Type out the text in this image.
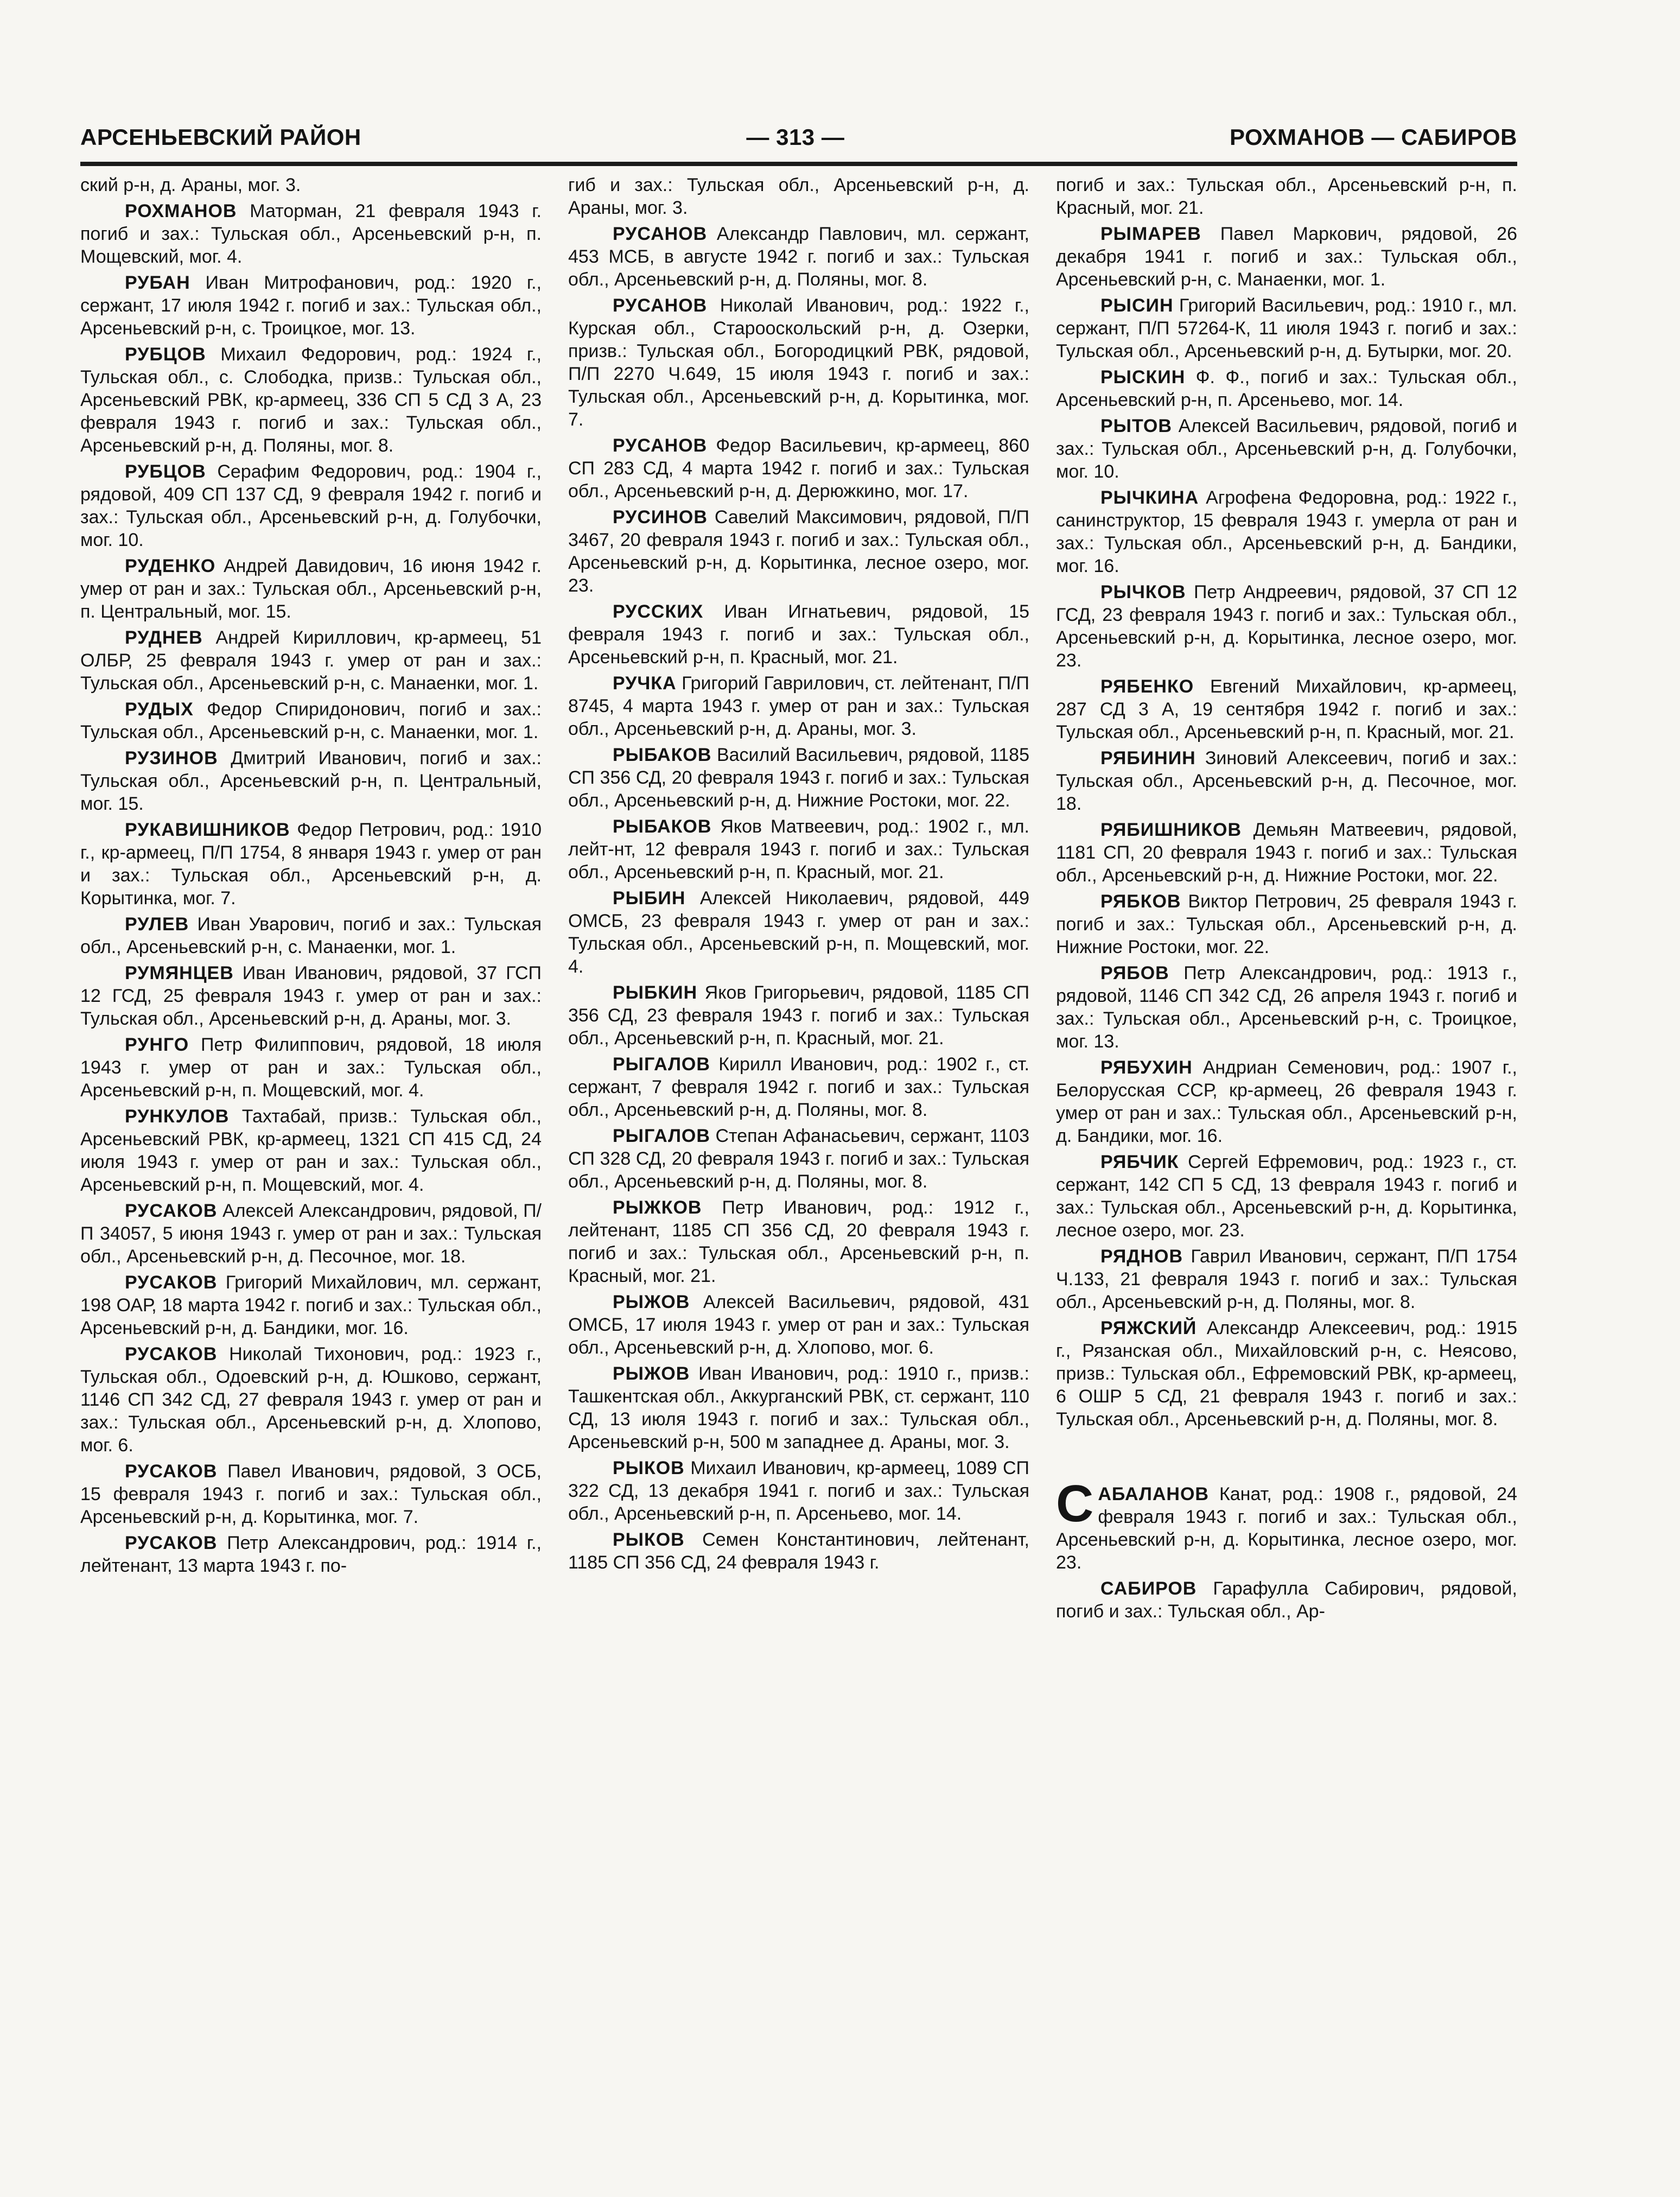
АРСЕНЬЕВСКИЙ РАЙОН	— 313 —	РОХМАНОВ — САБИРОВ

ский р-н, д. Араны, мог. 3.

РОХМАНОВ Маторман, 21 февраля 1943 г. погиб и зах.: Тульская обл., Арсеньевский р-н, п. Мощевский, мог. 4.

РУБАН Иван Митрофанович, род.: 1920 г., сержант, 17 июля 1942 г. погиб и зах.: Тульская обл., Арсеньевский р-н, с. Троицкое, мог. 13.

РУБЦОВ Михаил Федорович, род.: 1924 г., Тульская обл., с. Слободка, призв.: Тульская обл., Арсеньевский РВК, кр-армеец, 336 СП 5 СД 3 А, 23 февраля 1943 г. погиб и зах.: Тульская обл., Арсеньевский р-н, д. Поляны, мог. 8.

РУБЦОВ Серафим Федорович, род.: 1904 г., рядовой, 409 СП 137 СД, 9 февраля 1942 г. погиб и зах.: Тульская обл., Арсеньевский р-н, д. Голубочки, мог. 10.

РУДЕНКО Андрей Давидович, 16 июня 1942 г. умер от ран и зах.: Тульская обл., Арсеньевский р-н, п. Центральный, мог. 15.

РУДНЕВ Андрей Кириллович, кр-армеец, 51 ОЛБР, 25 февраля 1943 г. умер от ран и зах.: Тульская обл., Арсеньевский р-н, с. Манаенки, мог. 1.

РУДЫХ Федор Спиридонович, погиб и зах.: Тульская обл., Арсеньевский р-н, с. Манаенки, мог. 1.

РУЗИНОВ Дмитрий Иванович, погиб и зах.: Тульская обл., Арсеньевский р-н, п. Центральный, мог. 15.

РУКАВИШНИКОВ Федор Петрович, род.: 1910 г., кр-армеец, П/П 1754, 8 января 1943 г. умер от ран и зах.: Тульская обл., Арсеньевский р-н, д. Корытинка, мог. 7.

РУЛЕВ Иван Уварович, погиб и зах.: Тульская обл., Арсеньевский р-н, с. Манаенки, мог. 1.

РУМЯНЦЕВ Иван Иванович, рядовой, 37 ГСП 12 ГСД, 25 февраля 1943 г. умер от ран и зах.: Тульская обл., Арсеньевский р-н, д. Араны, мог. 3.

РУНГО Петр Филиппович, рядовой, 18 июля 1943 г. умер от ран и зах.: Тульская обл., Арсеньевский р-н, п. Мощевский, мог. 4.

РУНКУЛОВ Тахтабай, призв.: Тульская обл., Арсеньевский РВК, кр-армеец, 1321 СП 415 СД, 24 июля 1943 г. умер от ран и зах.: Тульская обл., Арсеньевский р-н, п. Мощевский, мог. 4.

РУСАКОВ Алексей Александрович, рядовой, П/П 34057, 5 июня 1943 г. умер от ран и зах.: Тульская обл., Арсеньевский р-н, д. Песочное, мог. 18.

РУСАКОВ Григорий Михайлович, мл. сержант, 198 ОАР, 18 марта 1942 г. погиб и зах.: Тульская обл., Арсеньевский р-н, д. Бандики, мог. 16.

РУСАКОВ Николай Тихонович, род.: 1923 г., Тульская обл., Одоевский р-н, д. Юшково, сержант, 1146 СП 342 СД, 27 февраля 1943 г. умер от ран и зах.: Тульская обл., Арсеньевский р-н, д. Хлопово, мог. 6.

РУСАКОВ Павел Иванович, рядовой, 3 ОСБ, 15 февраля 1943 г. погиб и зах.: Тульская обл., Арсеньевский р-н, д. Корытинка, мог. 7.

РУСАКОВ Петр Александрович, род.: 1914 г., лейтенант, 13 марта 1943 г. по-

гиб и зах.: Тульская обл., Арсеньевский р-н, д. Араны, мог. 3.

РУСАНОВ Александр Павлович, мл. сержант, 453 МСБ, в августе 1942 г. погиб и зах.: Тульская обл., Арсеньевский р-н, д. Поляны, мог. 8.

РУСАНОВ Николай Иванович, род.: 1922 г., Курская обл., Старооскольский р-н, д. Озерки, призв.: Тульская обл., Богородицкий РВК, рядовой, П/П 2270 Ч.649, 15 июля 1943 г. погиб и зах.: Тульская обл., Арсеньевский р-н, д. Корытинка, мог. 7.

РУСАНОВ Федор Васильевич, кр-армеец, 860 СП 283 СД, 4 марта 1942 г. погиб и зах.: Тульская обл., Арсеньевский р-н, д. Дерюжкино, мог. 17.

РУСИНОВ Савелий Максимович, рядовой, П/П 3467, 20 февраля 1943 г. погиб и зах.: Тульская обл., Арсеньевский р-н, д. Корытинка, лесное озеро, мог. 23.

РУССКИХ Иван Игнатьевич, рядовой, 15 февраля 1943 г. погиб и зах.: Тульская обл., Арсеньевский р-н, п. Красный, мог. 21.

РУЧКА Григорий Гаврилович, ст. лейтенант, П/П 8745, 4 марта 1943 г. умер от ран и зах.: Тульская обл., Арсеньевский р-н, д. Араны, мог. 3.

РЫБАКОВ Василий Васильевич, рядовой, 1185 СП 356 СД, 20 февраля 1943 г. погиб и зах.: Тульская обл., Арсеньевский р-н, д. Нижние Ростоки, мог. 22.

РЫБАКОВ Яков Матвеевич, род.: 1902 г., мл. лейт-нт, 12 февраля 1943 г. погиб и зах.: Тульская обл., Арсеньевский р-н, п. Красный, мог. 21.

РЫБИН Алексей Николаевич, рядовой, 449 ОМСБ, 23 февраля 1943 г. умер от ран и зах.: Тульская обл., Арсеньевский р-н, п. Мощевский, мог. 4.

РЫБКИН Яков Григорьевич, рядовой, 1185 СП 356 СД, 23 февраля 1943 г. погиб и зах.: Тульская обл., Арсеньевский р-н, п. Красный, мог. 21.

РЫГАЛОВ Кирилл Иванович, род.: 1902 г., ст. сержант, 7 февраля 1942 г. погиб и зах.: Тульская обл., Арсеньевский р-н, д. Поляны, мог. 8.

РЫГАЛОВ Степан Афанасьевич, сержант, 1103 СП 328 СД, 20 февраля 1943 г. погиб и зах.: Тульская обл., Арсеньевский р-н, д. Поляны, мог. 8.

РЫЖКОВ Петр Иванович, род.: 1912 г., лейтенант, 1185 СП 356 СД, 20 февраля 1943 г. погиб и зах.: Тульская обл., Арсеньевский р-н, п. Красный, мог. 21.

РЫЖОВ Алексей Васильевич, рядовой, 431 ОМСБ, 17 июля 1943 г. умер от ран и зах.: Тульская обл., Арсеньевский р-н, д. Хлопово, мог. 6.

РЫЖОВ Иван Иванович, род.: 1910 г., призв.: Ташкентская обл., Аккурганский РВК, ст. сержант, 110 СД, 13 июля 1943 г. погиб и зах.: Тульская обл., Арсеньевский р-н, 500 м западнее д. Араны, мог. 3.

РЫКОВ Михаил Иванович, кр-армеец, 1089 СП 322 СД, 13 декабря 1941 г. погиб и зах.: Тульская обл., Арсеньевский р-н, п. Арсеньево, мог. 14.

РЫКОВ Семен Константинович, лейтенант, 1185 СП 356 СД, 24 февраля 1943 г.

погиб и зах.: Тульская обл., Арсеньевский р-н, п. Красный, мог. 21.

РЫМАРЕВ Павел Маркович, рядовой, 26 декабря 1941 г. погиб и зах.: Тульская обл., Арсеньевский р-н, с. Манаенки, мог. 1.

РЫСИН Григорий Васильевич, род.: 1910 г., мл. сержант, П/П 57264-К, 11 июля 1943 г. погиб и зах.: Тульская обл., Арсеньевский р-н, д. Бутырки, мог. 20.

РЫСКИН Ф. Ф., погиб и зах.: Тульская обл., Арсеньевский р-н, п. Арсеньево, мог. 14.

РЫТОВ Алексей Васильевич, рядовой, погиб и зах.: Тульская обл., Арсеньевский р-н, д. Голубочки, мог. 10.

РЫЧКИНА Агрофена Федоровна, род.: 1922 г., санинструктор, 15 февраля 1943 г. умерла от ран и зах.: Тульская обл., Арсеньевский р-н, д. Бандики, мог. 16.

РЫЧКОВ Петр Андреевич, рядовой, 37 СП 12 ГСД, 23 февраля 1943 г. погиб и зах.: Тульская обл., Арсеньевский р-н, д. Корытинка, лесное озеро, мог. 23.

РЯБЕНКО Евгений Михайлович, кр-армеец, 287 СД 3 А, 19 сентября 1942 г. погиб и зах.: Тульская обл., Арсеньевский р-н, п. Красный, мог. 21.

РЯБИНИН Зиновий Алексеевич, погиб и зах.: Тульская обл., Арсеньевский р-н, д. Песочное, мог. 18.

РЯБИШНИКОВ Демьян Матвеевич, рядовой, 1181 СП, 20 февраля 1943 г. погиб и зах.: Тульская обл., Арсеньевский р-н, д. Нижние Ростоки, мог. 22.

РЯБКОВ Виктор Петрович, 25 февраля 1943 г. погиб и зах.: Тульская обл., Арсеньевский р-н, д. Нижние Ростоки, мог. 22.

РЯБОВ Петр Александрович, род.: 1913 г., рядовой, 1146 СП 342 СД, 26 апреля 1943 г. погиб и зах.: Тульская обл., Арсеньевский р-н, с. Троицкое, мог. 13.

РЯБУХИН Андриан Семенович, род.: 1907 г., Белорусская ССР, кр-армеец, 26 февраля 1943 г. умер от ран и зах.: Тульская обл., Арсеньевский р-н, д. Бандики, мог. 16.

РЯБЧИК Сергей Ефремович, род.: 1923 г., ст. сержант, 142 СП 5 СД, 13 февраля 1943 г. погиб и зах.: Тульская обл., Арсеньевский р-н, д. Корытинка, лесное озеро, мог. 23.

РЯДНОВ Гаврил Иванович, сержант, П/П 1754 Ч.133, 21 февраля 1943 г. погиб и зах.: Тульская обл., Арсеньевский р-н, д. Поляны, мог. 8.

РЯЖСКИЙ Александр Алексеевич, род.: 1915 г., Рязанская обл., Михайловский р-н, с. Неясово, призв.: Тульская обл., Ефремовский РВК, кр-армеец, 6 ОШР 5 СД, 21 февраля 1943 г. погиб и зах.: Тульская обл., Арсеньевский р-н, д. Поляны, мог. 8.

САБАЛАНОВ Канат, род.: 1908 г., рядовой, 24 февраля 1943 г. погиб и зах.: Тульская обл., Арсеньевский р-н, д. Корытинка, лесное озеро, мог. 23.

САБИРОВ Гарафулла Сабирович, рядовой, погиб и зах.: Тульская обл., Ар-
